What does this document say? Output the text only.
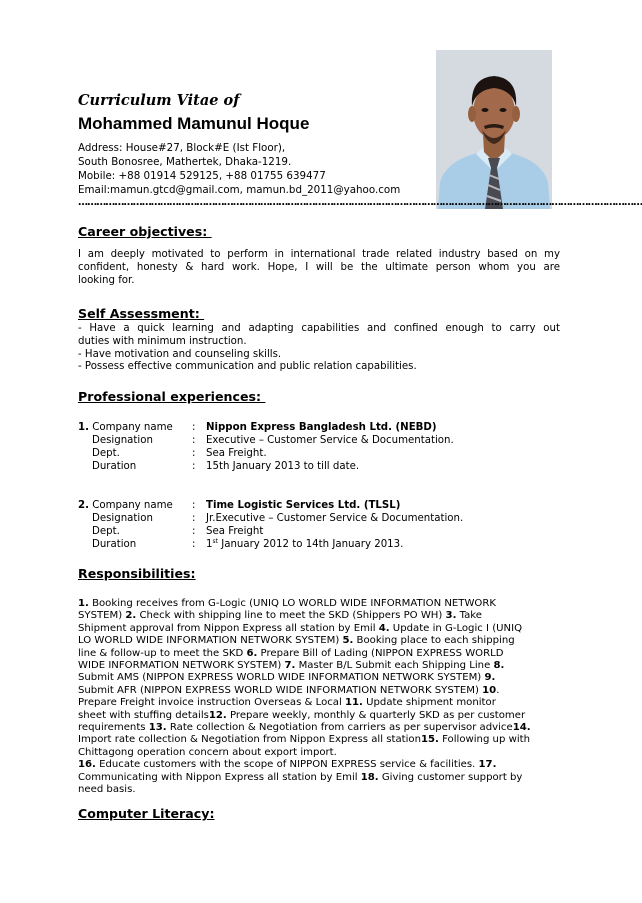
Curriculum Vitae of
Mohammed Mamunul Hoque
Address: House#27, Block#E (Ist Floor),
South Bonosree, Mathertek, Dhaka-1219.
Mobile: +88 01914 529125, +88 01755 639477
Email:mamun.gtcd@gmail.com, mamun.bd_2011@yahoo.com
……………………………………………………………………………………………………………………………………………………………………
Career objectives:
I am deeply motivated to perform in international trade related industry based on my
confident, honesty & hard work. Hope, I will be the ultimate person whom you are
looking for.
Self Assessment:
- Have a quick learning and adapting capabilities and confined enough to carry out
duties with minimum instruction.
- Have motivation and counseling skills.
- Possess effective communication and public relation capabilities.
Professional experiences:
1. Company name : Nippon Express Bangladesh Ltd. (NEBD)
Designation	: Executive – Customer Service & Documentation.
Dept.	: Sea Freight.
Duration	: 15th January 2013 to till date.
2. Company name : Time Logistic Services Ltd. (TLSL)
Designation	: Jr.Executive – Customer Service & Documentation.
Dept.	: Sea Freight
Duration	: 1st January 2012 to 14th January 2013.
Responsibilities:
1. Booking receives from G-Logic (UNIQ LO WORLD WIDE INFORMATION NETWORK
SYSTEM) 2. Check with shipping line to meet the SKD (Shippers PO WH) 3. Take
Shipment approval from Nippon Express all station by Emil 4. Update in G-Logic I (UNIQ
LO WORLD WIDE INFORMATION NETWORK SYSTEM) 5. Booking place to each shipping
line & follow-up to meet the SKD 6. Prepare Bill of Lading (NIPPON EXPRESS WORLD
WIDE INFORMATION NETWORK SYSTEM) 7. Master B/L Submit each Shipping Line 8.
Submit AMS (NIPPON EXPRESS WORLD WIDE INFORMATION NETWORK SYSTEM) 9.
Submit AFR (NIPPON EXPRESS WORLD WIDE INFORMATION NETWORK SYSTEM) 10.
Prepare Freight invoice instruction Overseas & Local 11. Update shipment monitor
sheet with stuffing details12. Prepare weekly, monthly & quarterly SKD as per customer
requirements 13. Rate collection & Negotiation from carriers as per supervisor advice14.
Import rate collection & Negotiation from Nippon Express all station15. Following up with
Chittagong operation concern about export import.
16. Educate customers with the scope of NIPPON EXPRESS service & facilities. 17.
Communicating with Nippon Express all station by Emil 18. Giving customer support by
need basis.
Computer Literacy:
